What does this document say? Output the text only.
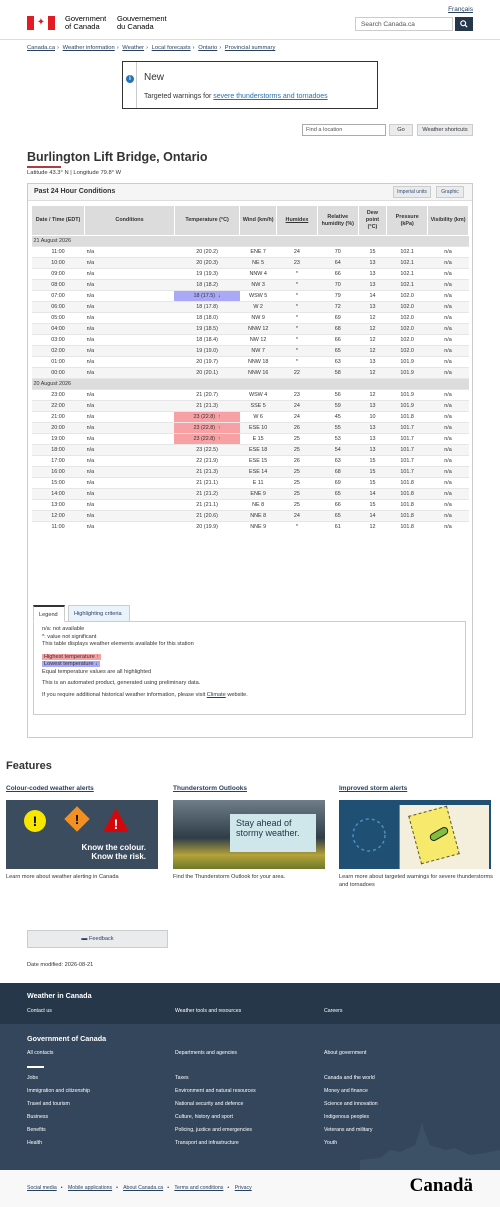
Français
✦	Government
of Canada
Gouvernement
du Canada	Search Canada.ca
Canada.ca › Weather information › Weather › Local forecasts › Ontario › Provincial summary
i	New
Targeted warnings for severe thunderstorms and tornadoes
Find a location	Go	Weather shortcuts
Burlington Lift Bridge, Ontario
Latitude 43.3° N | Longitude 79.8° W
Past 24 Hour Conditions	Imperial units	Graphic
Date / Time (EDT)	Conditions	Temperature (°C)	Wind (km/h)	Humidex	Relative humidity (%)	Dew point (°C)	Pressure (kPa)	Visibility (km)
21 August 2026								
11:00	n/a	20 (20.2)	ENE 7	24	70	15	102.1	n/a
10:00	n/a	20 (20.3)	NE 5	23	64	13	102.1	n/a
09:00	n/a	19 (19.3)	NNW 4	*	66	13	102.1	n/a
08:00	n/a	18 (18.2)	NW 3	*	70	13	102.1	n/a
07:00	n/a	18 (17.5) ↓	WSW 5	*	79	14	102.0	n/a
06:00	n/a	18 (17.8)	W 2	*	72	13	102.0	n/a
05:00	n/a	18 (18.0)	NW 9	*	69	12	102.0	n/a
04:00	n/a	19 (18.5)	NNW 12	*	68	12	102.0	n/a
03:00	n/a	18 (18.4)	NW 12	*	66	12	102.0	n/a
02:00	n/a	19 (19.0)	NW 7	*	65	12	102.0	n/a
01:00	n/a	20 (19.7)	NNW 18	*	63	13	101.9	n/a
00:00	n/a	20 (20.1)	NNW 16	22	58	12	101.9	n/a
20 August 2026								
23:00	n/a	21 (20.7)	WSW 4	23	56	12	101.9	n/a
22:00	n/a	21 (21.3)	SSE 5	24	59	13	101.9	n/a
21:00	n/a	23 (22.8) ↑	W 6	24	45	10	101.8	n/a
20:00	n/a	23 (22.8) ↑	ESE 10	26	55	13	101.7	n/a
19:00	n/a	23 (22.8) ↑	E 15	25	53	13	101.7	n/a
18:00	n/a	23 (22.5)	ESE 18	25	54	13	101.7	n/a
17:00	n/a	22 (21.9)	ESE 15	26	63	15	101.7	n/a
16:00	n/a	21 (21.3)	ESE 14	25	68	15	101.7	n/a
15:00	n/a	21 (21.1)	E 11	25	69	15	101.8	n/a
14:00	n/a	21 (21.2)	ENE 9	25	65	14	101.8	n/a
13:00	n/a	21 (21.1)	NE 8	25	66	15	101.8	n/a
12:00	n/a	21 (20.6)	NNE 8	24	65	14	101.8	n/a
11:00	n/a	20 (19.9)	NNE 9	*	61	12	101.8	n/a
Legend	Highlighting criteria
n/a: not available
*: value not significant
This table displays weather elements available for this station
Highest temperature ↑
Lowest temperature ↓
Equal temperature values are all highlighted
This is an automated product, generated using preliminary data.
If you require additional historical weather information, please visit Climate website.
Features
Colour-coded weather alerts
!	!	!
Know the colour. Know the risk.
Learn more about weather alerting in Canada
Thunderstorm Outlooks
Stay ahead of stormy weather.
Find the Thunderstorm Outlook for your area.
Improved storm alerts
Learn more about targeted warnings for severe thunderstorms and tornadoes
▬ Feedback
Date modified: 2026-08-21
Weather in Canada
Contact us	Weather tools and resources	Careers
Government of Canada
All contacts	Departments and agencies	About government
Jobs	Taxes	Canada and the world
Immigration and citizenship	Environment and natural resources	Money and finance
Travel and tourism	National security and defence	Science and innovation
Business	Culture, history and sport	Indigenous peoples
Benefits	Policing, justice and emergencies	Veterans and military
Health	Transport and infrastructure	Youth
Social media • Mobile applications • About Canada.ca • Terms and conditions • Privacy	Canadä
